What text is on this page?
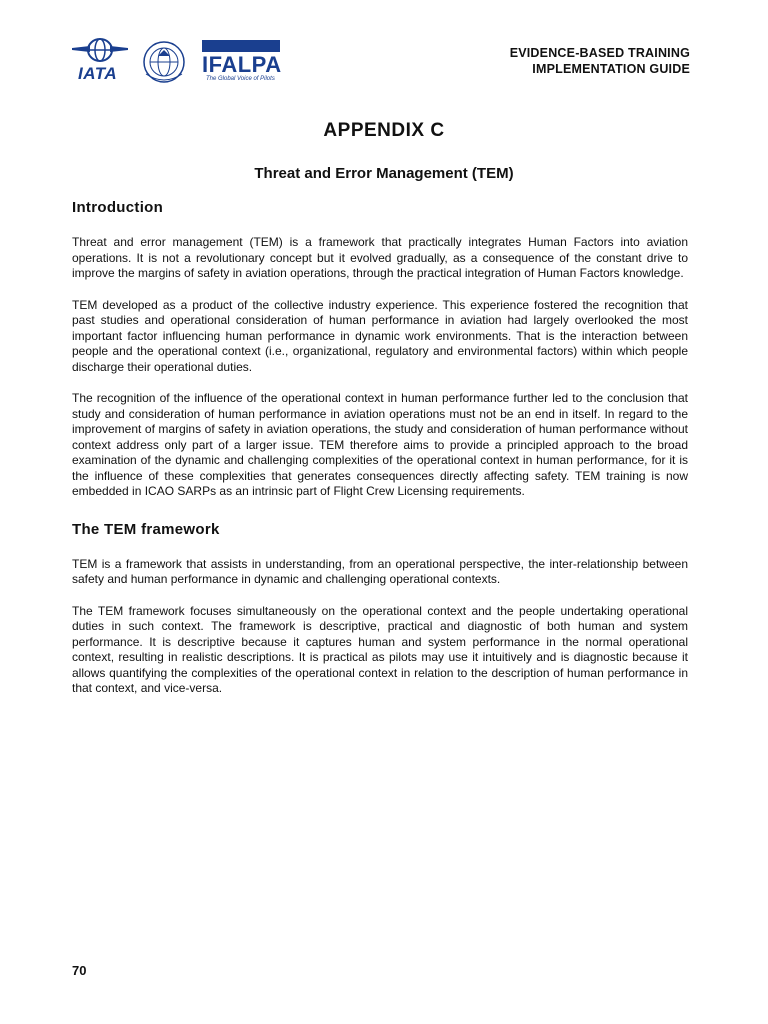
IATA	IFALPA
The Global Voice of Pilots
EVIDENCE-BASED TRAINING
IMPLEMENTATION GUIDE
APPENDIX C
Threat and Error Management (TEM)
Introduction

Threat and error management (TEM) is a framework that practically integrates Human Factors into aviation operations. It is not a revolutionary concept but it evolved gradually, as a consequence of the constant drive to improve the margins of safety in aviation operations, through the practical integration of Human Factors knowledge.

TEM developed as a product of the collective industry experience. This experience fostered the recognition that past studies and operational consideration of human performance in aviation had largely overlooked the most important factor influencing human performance in dynamic work environments. That is the interaction between people and the operational context (i.e., organizational, regulatory and environmental factors) within which people discharge their operational duties.

The recognition of the influence of the operational context in human performance further led to the conclusion that study and consideration of human performance in aviation operations must not be an end in itself. In regard to the improvement of margins of safety in aviation operations, the study and consideration of human performance without context address only part of a larger issue. TEM therefore aims to provide a principled approach to the broad examination of the dynamic and challenging complexities of the operational context in human performance, for it is the influence of these complexities that generates consequences directly affecting safety. TEM training is now embedded in ICAO SARPs as an intrinsic part of Flight Crew Licensing requirements.

The TEM framework

TEM is a framework that assists in understanding, from an operational perspective, the inter-relationship between safety and human performance in dynamic and challenging operational contexts.

The TEM framework focuses simultaneously on the operational context and the people undertaking operational duties in such context. The framework is descriptive, practical and diagnostic of both human and system performance. It is descriptive because it captures human and system performance in the normal operational context, resulting in realistic descriptions. It is practical as pilots may use it intuitively and is diagnostic because it allows quantifying the complexities of the operational context in relation to the description of human performance in that context, and vice-versa.

70
